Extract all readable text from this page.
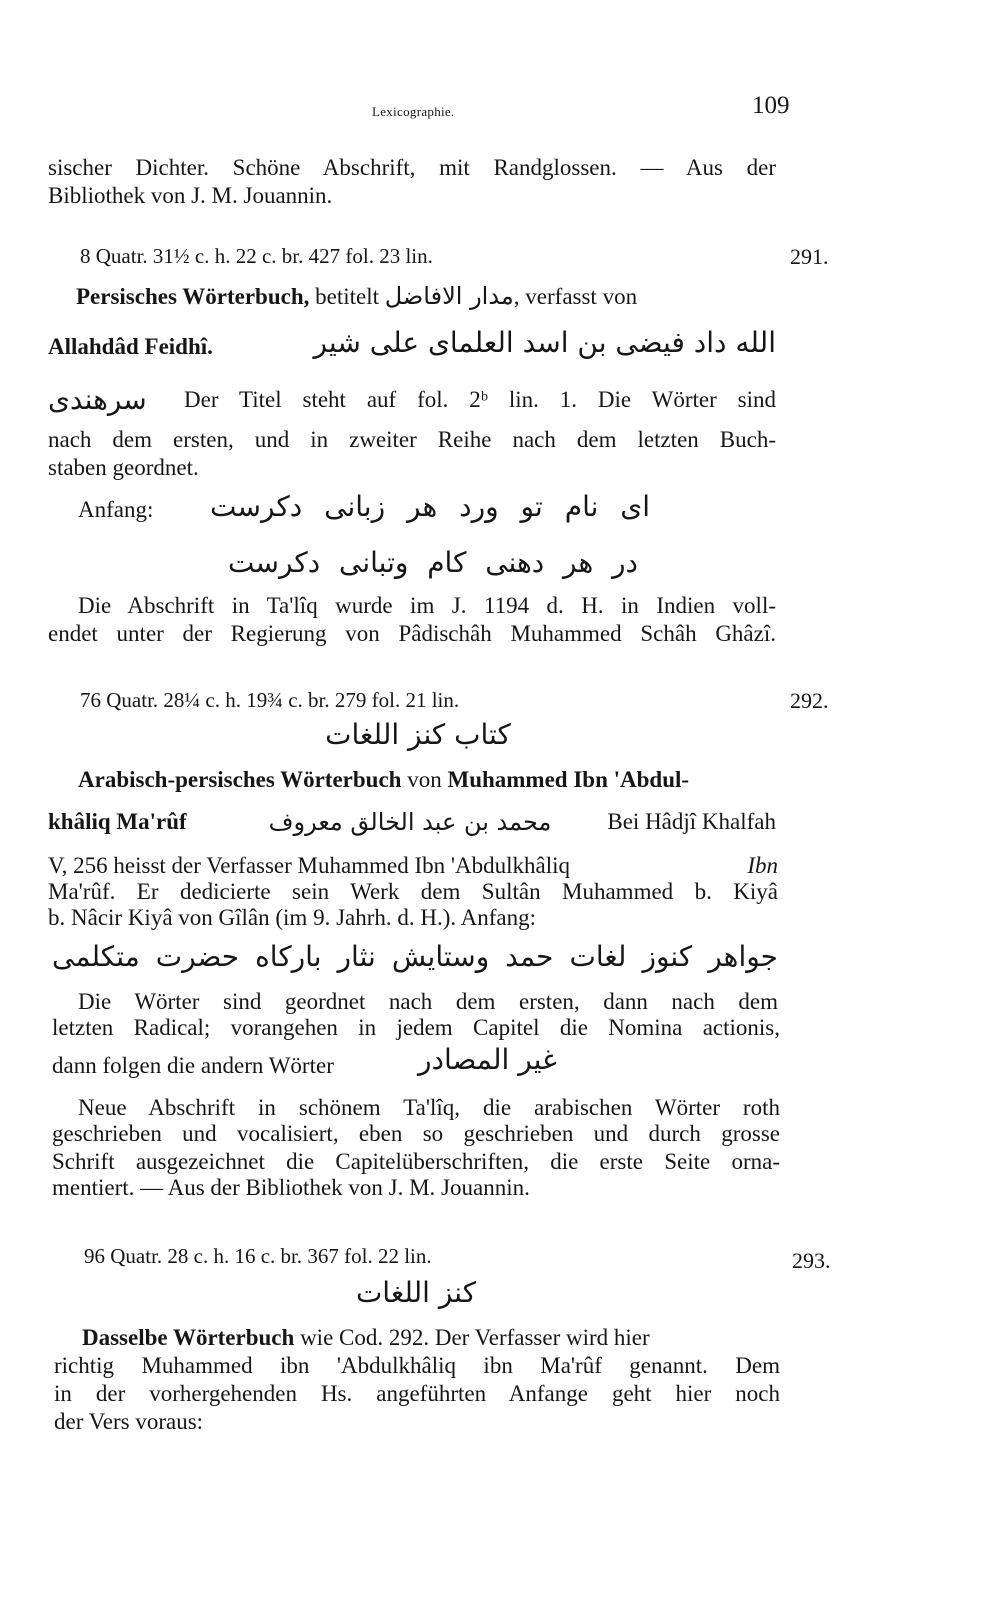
Lexicographie.	109
sischer Dichter. Schöne Abschrift, mit Randglossen. — Aus der
Bibliothek von J. M. Jouannin.
8 Quatr. 31½ c. h. 22 c. br. 427 fol. 23 lin.	291.
Persisches Wörterbuch, betitelt مدار الافاضل, verfasst von
Allahdâd Feidhî.	الله داد فیضی بن اسد العلمای علی شیر
سرهندی Der Titel steht auf fol. 2ᵇ lin. 1. Die Wörter sind
nach dem ersten, und in zweiter Reihe nach dem letzten Buch-
staben geordnet.
Anfang: ای نام تو ورد هر زبانی دکرست
در هر دهنی کام وتبانی دکرست
Die Abschrift in Ta'lîq wurde im J. 1194 d. H. in Indien voll-
endet unter der Regierung von Pâdischâh Muhammed Schâh Ghâzî.
76 Quatr. 28¼ c. h. 19¾ c. br. 279 fol. 21 lin.	292.
کتاب کنز اللغات
Arabisch-persisches Wörterbuch von Muhammed Ibn 'Abdul-
khâliq Ma'rûf	محمد بن عبد الخالق معروف	Bei Hâdjî Khalfah
V, 256 heisst der Verfasser Muhammed Ibn 'Abdulkhâliq	Ibn
Ma'rûf. Er dedicierte sein Werk dem Sultân Muhammed b. Kiyâ
b. Nâcir Kiyâ von Gîlân (im 9. Jahrh. d. H.). Anfang:
جواهر کنوز لغات حمد وستایش نثار بارکاه حضرت متکلمی
Die Wörter sind geordnet nach dem ersten, dann nach dem
letzten Radical; vorangehen in jedem Capitel die Nomina actionis,
dann folgen die andern Wörter	غیر المصادر
Neue Abschrift in schönem Ta'lîq, die arabischen Wörter roth
geschrieben und vocalisiert, eben so geschrieben und durch grosse
Schrift ausgezeichnet die Capitelüberschriften, die erste Seite orna-
mentiert. — Aus der Bibliothek von J. M. Jouannin.
96 Quatr. 28 c. h. 16 c. br. 367 fol. 22 lin.	293.
کنز اللغات
Dasselbe Wörterbuch wie Cod. 292. Der Verfasser wird hier
richtig Muhammed ibn 'Abdulkhâliq ibn Ma'rûf genannt. Dem
in der vorhergehenden Hs. angeführten Anfange geht hier noch
der Vers voraus:
